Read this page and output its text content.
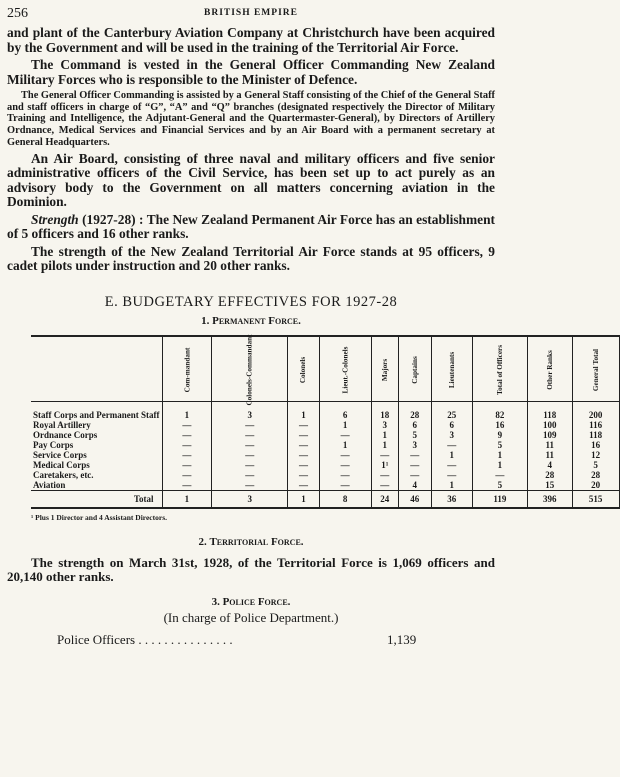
256	BRITISH EMPIRE

and plant of the Canterbury Aviation Company at Christchurch have been acquired by the Government and will be used in the training of the Territorial Air Force.

The Command is vested in the General Officer Commanding New Zealand Military Forces who is responsible to the Minister of Defence.

The General Officer Commanding is assisted by a General Staff consisting of the Chief of the General Staff and staff officers in charge of “G”, “A” and “Q” branches (designated respectively the Director of Military Training and Intelligence, the Adjutant-General and the Quartermaster-General), by Directors of Artillery Ordnance, Medical Services and Financial Services and by an Air Board with a permanent secretary at General Headquarters.

An Air Board, consisting of three naval and military officers and five senior administrative officers of the Civil Service, has been set up to act purely as an advisory body to the Government on all matters concerning aviation in the Dominion.

Strength (1927-28) : The New Zealand Permanent Air Force has an establishment of 5 officers and 16 other ranks.

The strength of the New Zealand Territorial Air Force stands at 95 officers, 9 cadet pilots under instruction and 20 other ranks.

E. BUDGETARY EFFECTIVES FOR 1927-28
1. Permanent Force.
	Com-mandant	Colonels-Commandant	Colonels	Lieut.-Colonels	Majors	Captains	Lieutenants	Total of Officers	Other Ranks	General Total
Staff Corps and Permanent Staff	1	3	1	6	18	28	25	82	118	200
Royal Artillery	—	—	—	1	3	6	6	16	100	116
Ordnance Corps	—	—	—	—	1	5	3	9	109	118
Pay Corps	—	—	—	1	1	3	—	5	11	16
Service Corps	—	—	—	—	—	—	1	1	11	12
Medical Corps	—	—	—	—	1¹	—	—	1	4	5
Caretakers, etc.	—	—	—	—	—	—	—	—	28	28
Aviation	—	—	—	—	—	4	1	5	15	20
Total	1	3	1	8	24	46	36	119	396	515
¹ Plus 1 Director and 4 Assistant Directors.
2. Territorial Force.

The strength on March 31st, 1928, of the Territorial Force is 1,069 officers and 20,140 other ranks.

3. Police Force.
(In charge of Police Department.)
Police Officers . . . . . . . . . . . . . . .	1,139
